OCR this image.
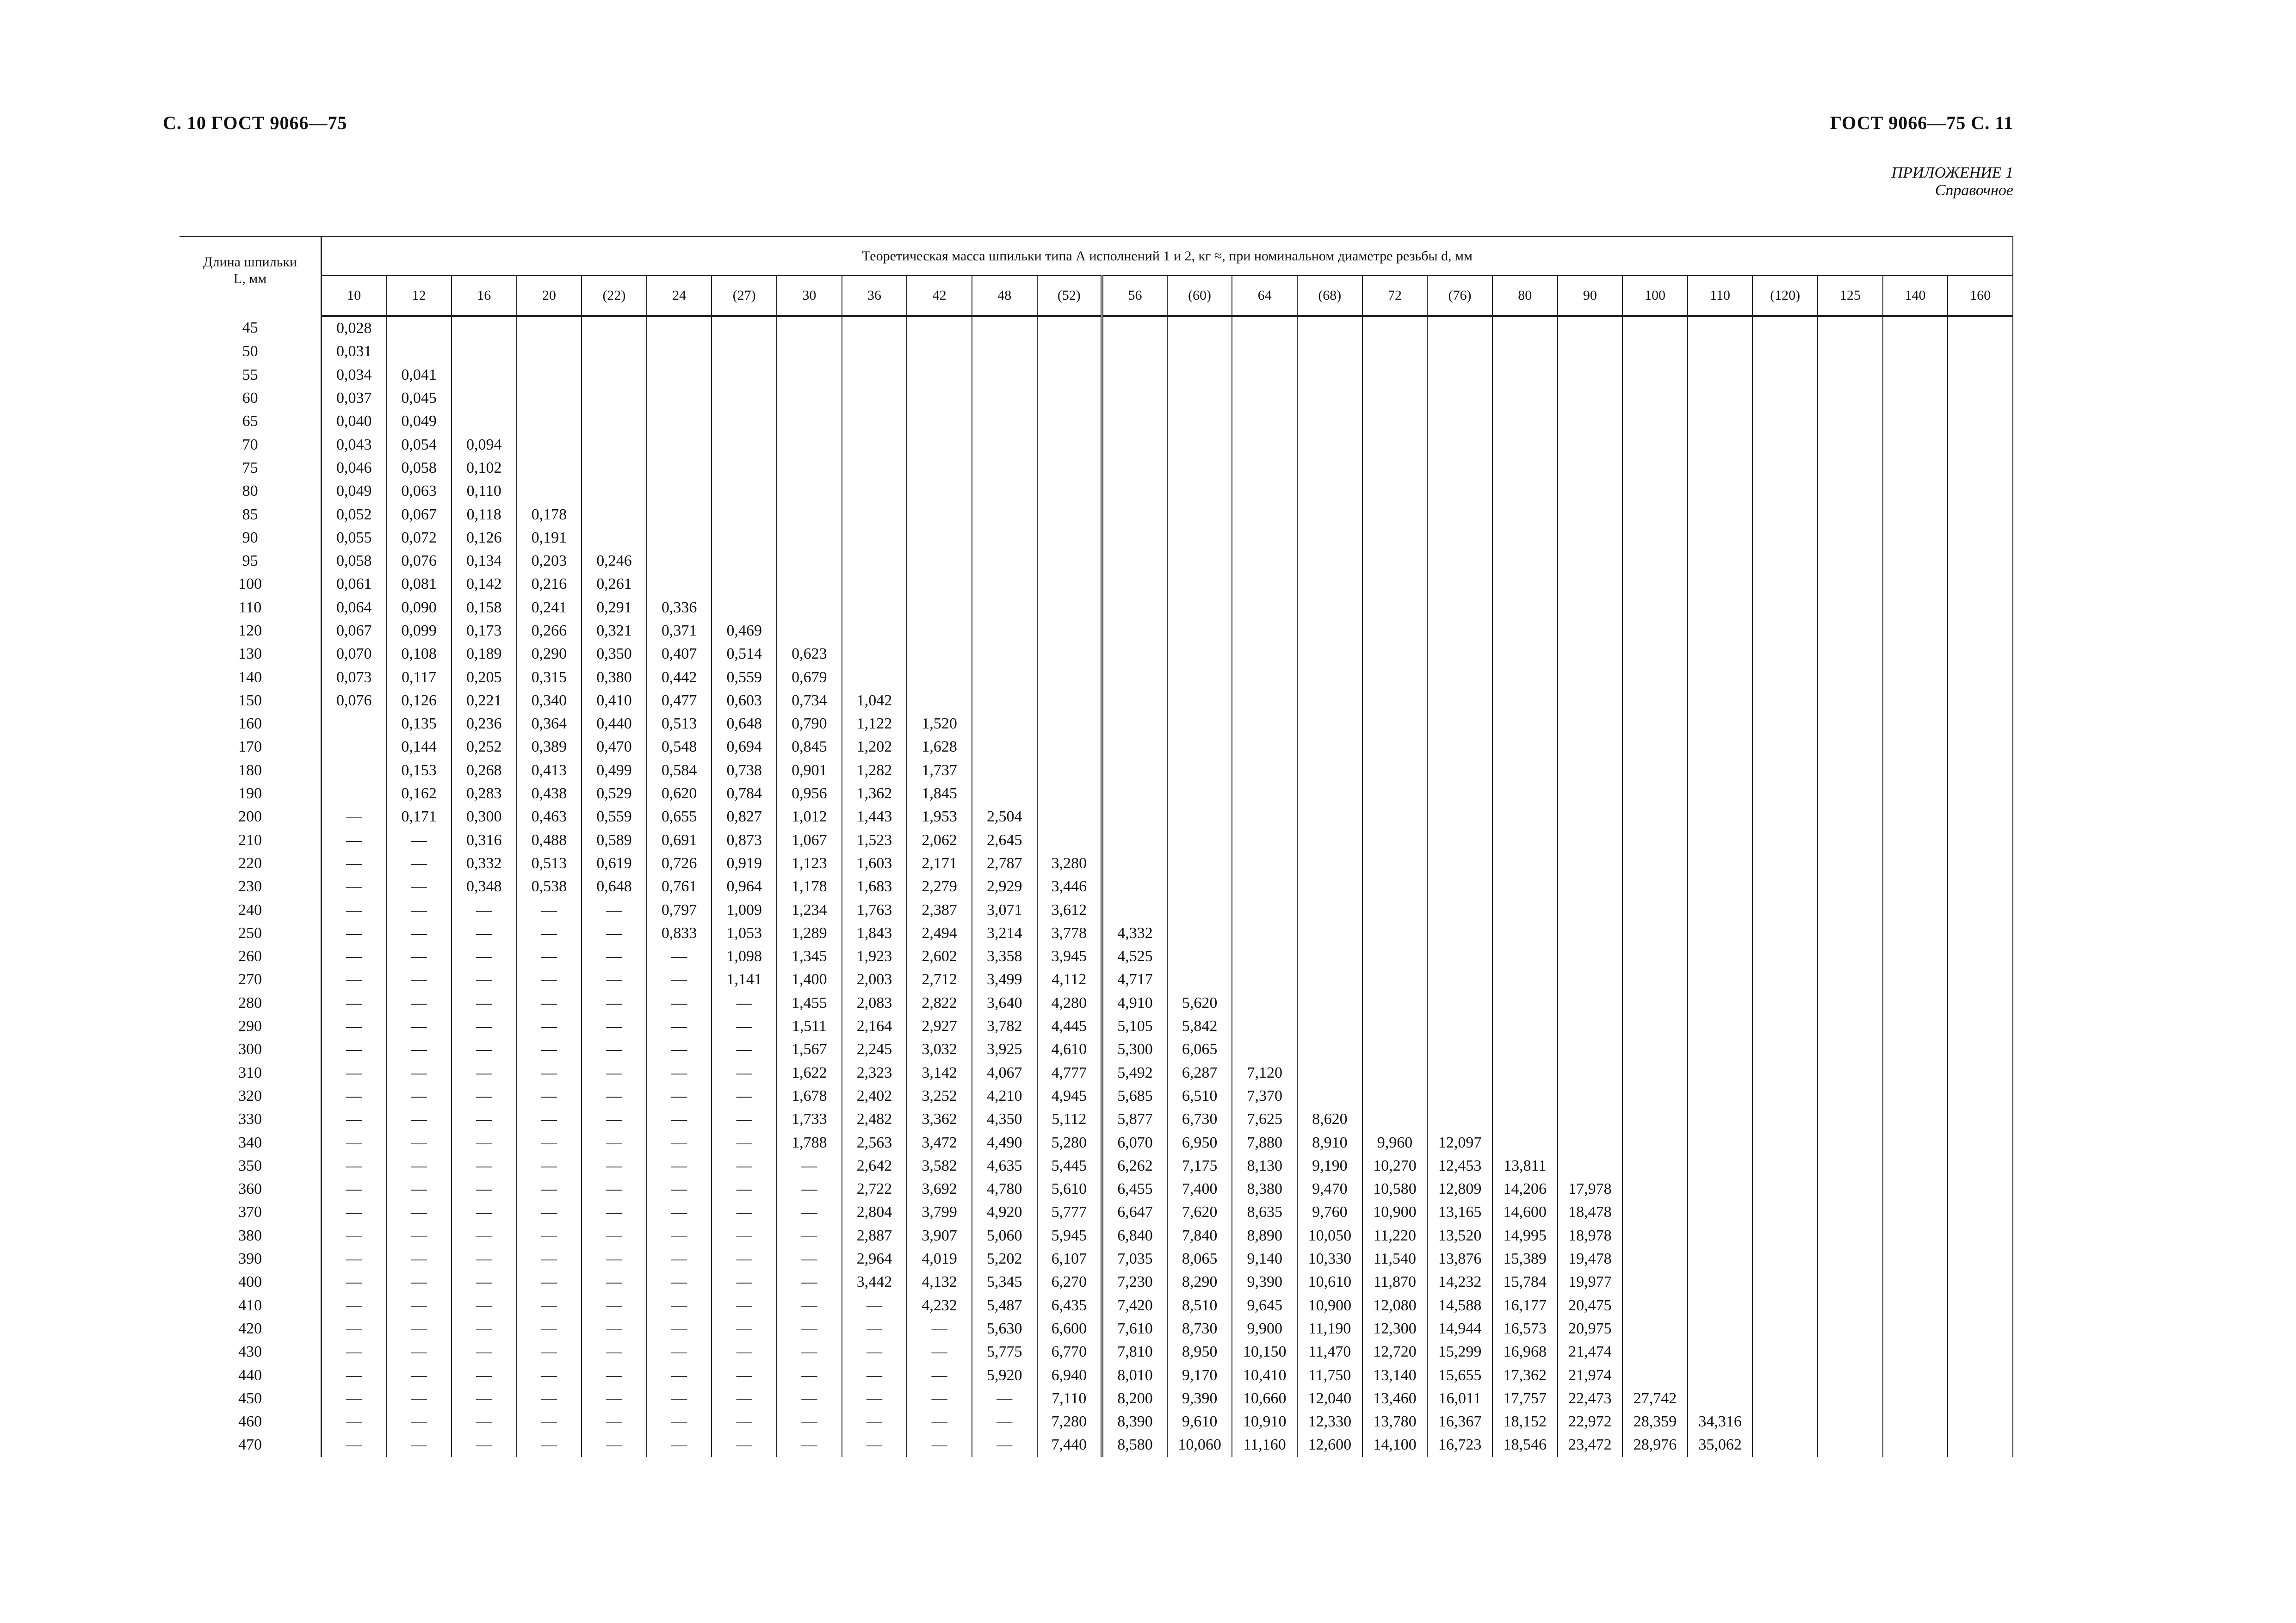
С. 10 ГОСТ 9066—75	ГОСТ 9066—75 С. 11
ПРИЛОЖЕНИЕ 1
Справочное
Длина шпильки
L, мм	Теоретическая масса шпильки типа А исполнений 1 и 2, кг ≈, при номинальном диаметре резьбы d, мм																									
	10	12	16	20	(22)	24	(27)	30	36	42	48	(52)	56	(60)	64	(68)	72	(76)	80	90	100	110	(120)	125	140	160
45	0,028																									
50	0,031																									
55	0,034	0,041																								
60	0,037	0,045																								
65	0,040	0,049																								
70	0,043	0,054	0,094																							
75	0,046	0,058	0,102																							
80	0,049	0,063	0,110																							
85	0,052	0,067	0,118	0,178																						
90	0,055	0,072	0,126	0,191																						
95	0,058	0,076	0,134	0,203	0,246																					
100	0,061	0,081	0,142	0,216	0,261																					
110	0,064	0,090	0,158	0,241	0,291	0,336																				
120	0,067	0,099	0,173	0,266	0,321	0,371	0,469																			
130	0,070	0,108	0,189	0,290	0,350	0,407	0,514	0,623																		
140	0,073	0,117	0,205	0,315	0,380	0,442	0,559	0,679																		
150	0,076	0,126	0,221	0,340	0,410	0,477	0,603	0,734	1,042																	
160		0,135	0,236	0,364	0,440	0,513	0,648	0,790	1,122	1,520																
170		0,144	0,252	0,389	0,470	0,548	0,694	0,845	1,202	1,628																
180		0,153	0,268	0,413	0,499	0,584	0,738	0,901	1,282	1,737																
190		0,162	0,283	0,438	0,529	0,620	0,784	0,956	1,362	1,845																
200	—	0,171	0,300	0,463	0,559	0,655	0,827	1,012	1,443	1,953	2,504															
210	—	—	0,316	0,488	0,589	0,691	0,873	1,067	1,523	2,062	2,645															
220	—	—	0,332	0,513	0,619	0,726	0,919	1,123	1,603	2,171	2,787	3,280														
230	—	—	0,348	0,538	0,648	0,761	0,964	1,178	1,683	2,279	2,929	3,446														
240	—	—	—	—	—	0,797	1,009	1,234	1,763	2,387	3,071	3,612														
250	—	—	—	—	—	0,833	1,053	1,289	1,843	2,494	3,214	3,778	4,332													
260	—	—	—	—	—	—	1,098	1,345	1,923	2,602	3,358	3,945	4,525													
270	—	—	—	—	—	—	1,141	1,400	2,003	2,712	3,499	4,112	4,717													
280	—	—	—	—	—	—	—	1,455	2,083	2,822	3,640	4,280	4,910	5,620												
290	—	—	—	—	—	—	—	1,511	2,164	2,927	3,782	4,445	5,105	5,842												
300	—	—	—	—	—	—	—	1,567	2,245	3,032	3,925	4,610	5,300	6,065												
310	—	—	—	—	—	—	—	1,622	2,323	3,142	4,067	4,777	5,492	6,287	7,120											
320	—	—	—	—	—	—	—	1,678	2,402	3,252	4,210	4,945	5,685	6,510	7,370											
330	—	—	—	—	—	—	—	1,733	2,482	3,362	4,350	5,112	5,877	6,730	7,625	8,620										
340	—	—	—	—	—	—	—	1,788	2,563	3,472	4,490	5,280	6,070	6,950	7,880	8,910	9,960	12,097								
350	—	—	—	—	—	—	—	—	2,642	3,582	4,635	5,445	6,262	7,175	8,130	9,190	10,270	12,453	13,811							
360	—	—	—	—	—	—	—	—	2,722	3,692	4,780	5,610	6,455	7,400	8,380	9,470	10,580	12,809	14,206	17,978						
370	—	—	—	—	—	—	—	—	2,804	3,799	4,920	5,777	6,647	7,620	8,635	9,760	10,900	13,165	14,600	18,478						
380	—	—	—	—	—	—	—	—	2,887	3,907	5,060	5,945	6,840	7,840	8,890	10,050	11,220	13,520	14,995	18,978						
390	—	—	—	—	—	—	—	—	2,964	4,019	5,202	6,107	7,035	8,065	9,140	10,330	11,540	13,876	15,389	19,478						
400	—	—	—	—	—	—	—	—	3,442	4,132	5,345	6,270	7,230	8,290	9,390	10,610	11,870	14,232	15,784	19,977						
410	—	—	—	—	—	—	—	—	—	4,232	5,487	6,435	7,420	8,510	9,645	10,900	12,080	14,588	16,177	20,475						
420	—	—	—	—	—	—	—	—	—	—	5,630	6,600	7,610	8,730	9,900	11,190	12,300	14,944	16,573	20,975						
430	—	—	—	—	—	—	—	—	—	—	5,775	6,770	7,810	8,950	10,150	11,470	12,720	15,299	16,968	21,474						
440	—	—	—	—	—	—	—	—	—	—	5,920	6,940	8,010	9,170	10,410	11,750	13,140	15,655	17,362	21,974						
450	—	—	—	—	—	—	—	—	—	—	—	7,110	8,200	9,390	10,660	12,040	13,460	16,011	17,757	22,473	27,742					
460	—	—	—	—	—	—	—	—	—	—	—	7,280	8,390	9,610	10,910	12,330	13,780	16,367	18,152	22,972	28,359	34,316				
470	—	—	—	—	—	—	—	—	—	—	—	7,440	8,580	10,060	11,160	12,600	14,100	16,723	18,546	23,472	28,976	35,062				
